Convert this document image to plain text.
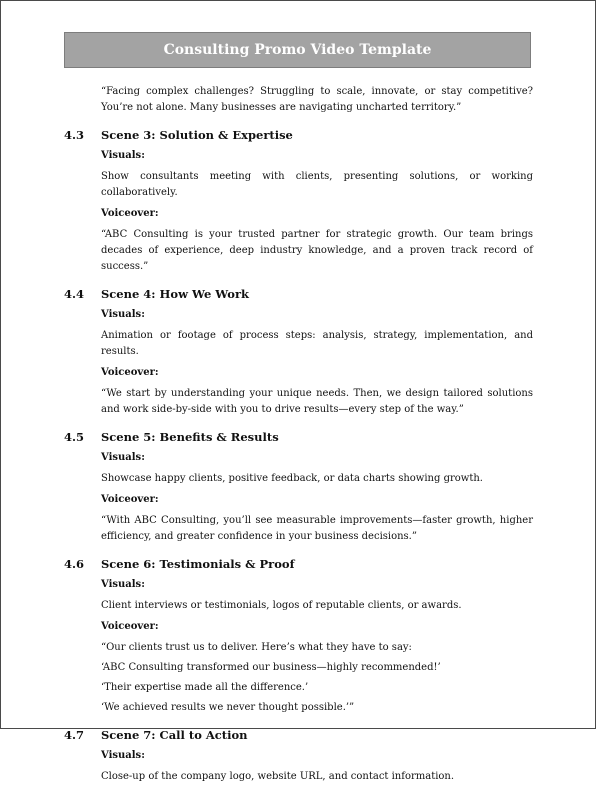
Consulting Promo Video Template

“Facing complex challenges? Struggling to scale, innovate, or stay competitive? You’re not alone. Many businesses are navigating uncharted territory.”

4.3	Scene 3: Solution & Expertise
Visuals:

Show consultants meeting with clients, presenting solutions, or working collaboratively.

Voiceover:

“ABC Consulting is your trusted partner for strategic growth. Our team brings decades of experience, deep industry knowledge, and a proven track record of success.”

4.4	Scene 4: How We Work
Visuals:

Animation or footage of process steps: analysis, strategy, implementation, and results.

Voiceover:

“We start by understanding your unique needs. Then, we design tailored solutions and work side-by-side with you to drive results—every step of the way.”

4.5	Scene 5: Benefits & Results
Visuals:

Showcase happy clients, positive feedback, or data charts showing growth.

Voiceover:

“With ABC Consulting, you’ll see measurable improvements—faster growth, higher efficiency, and greater confidence in your business decisions.”

4.6	Scene 6: Testimonials & Proof
Visuals:

Client interviews or testimonials, logos of reputable clients, or awards.

Voiceover:

“Our clients trust us to deliver. Here’s what they have to say:

‘ABC Consulting transformed our business—highly recommended!’

‘Their expertise made all the difference.’

‘We achieved results we never thought possible.’”

4.7	Scene 7: Call to Action
Visuals:

Close-up of the company logo, website URL, and contact information.
